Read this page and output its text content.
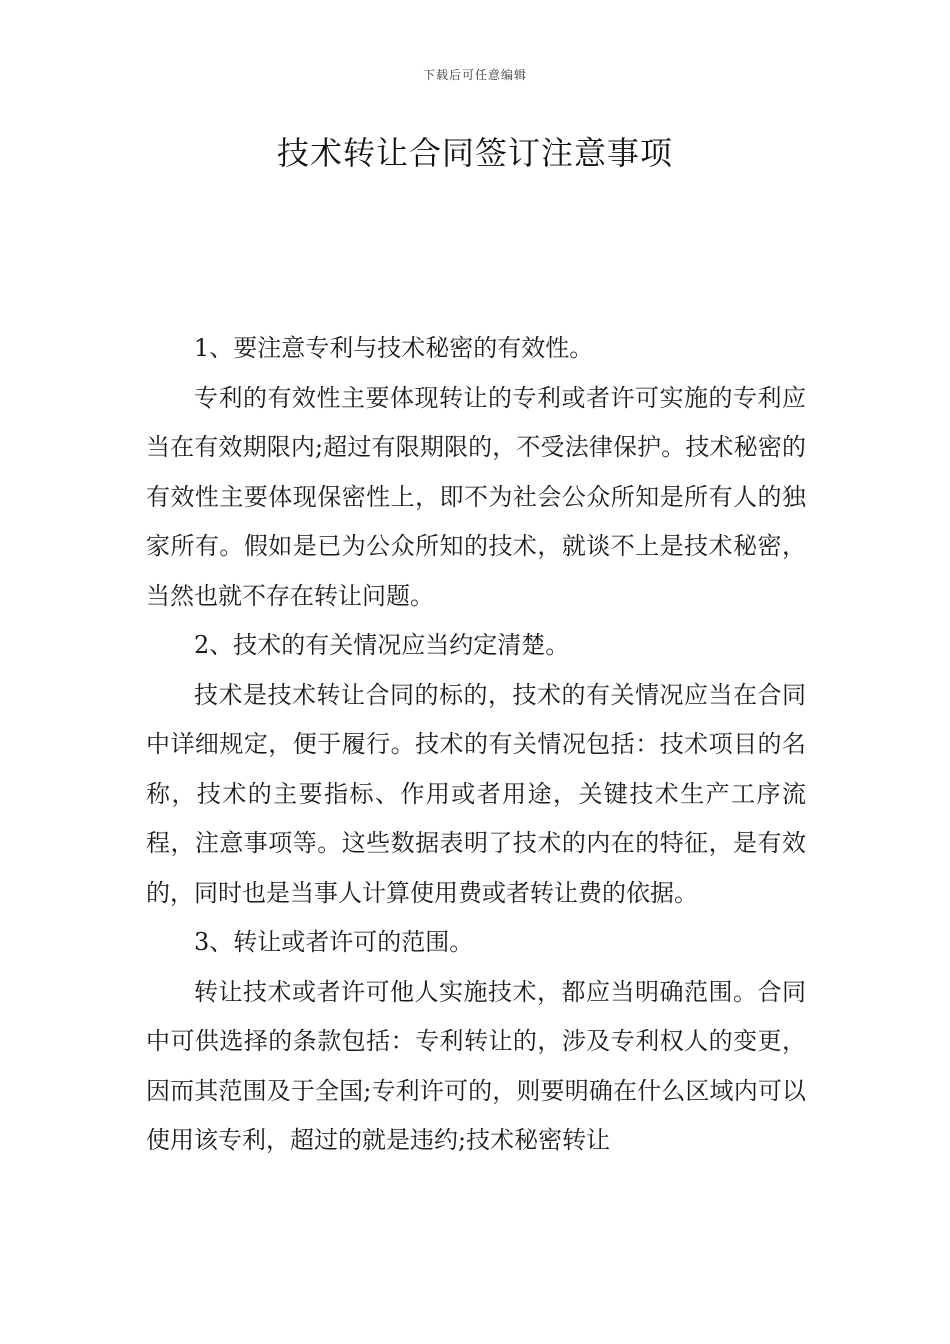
下载后可任意编辑
技术转让合同签订注意事项

1、要注意专利与技术秘密的有效性。

专利的有效性主要体现转让的专利或者许可实施的专利应当在有效期限内;超过有限期限的，不受法律保护。技术秘密的有效性主要体现保密性上，即不为社会公众所知是所有人的独家所有。假如是已为公众所知的技术，就谈不上是技术秘密，当然也就不存在转让问题。

2、技术的有关情况应当约定清楚。

技术是技术转让合同的标的，技术的有关情况应当在合同中详细规定，便于履行。技术的有关情况包括：技术项目的名称，技术的主要指标、作用或者用途，关键技术生产工序流程，注意事项等。这些数据表明了技术的内在的特征，是有效的，同时也是当事人计算使用费或者转让费的依据。

3、转让或者许可的范围。

转让技术或者许可他人实施技术，都应当明确范围。合同中可供选择的条款包括：专利转让的，涉及专利权人的变更，因而其范围及于全国;专利许可的，则要明确在什么区域内可以使用该专利，超过的就是违约;技术秘密转让
